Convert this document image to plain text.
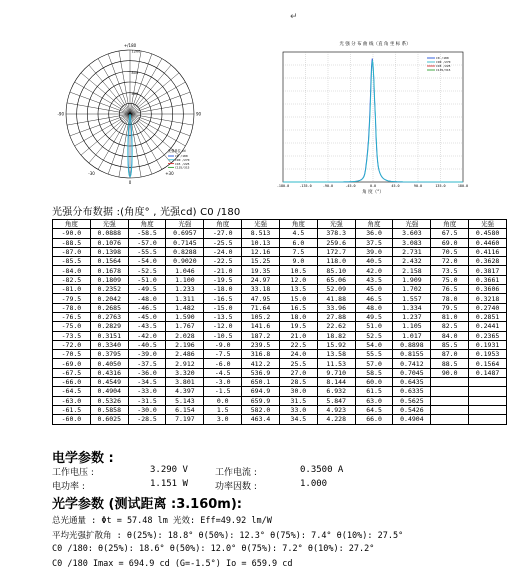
↵
400
800
1200
+/180
90
-90
0
+30
-30
光强单位 cd
C0 /180
C90 /270
C45 /225
C135/315
光 强 分 布 曲 线（直 角 坐 标 系）
-180.0	-135.0	-90.0	-45.0	0.0	45.0	90.0	135.0	180.0
C0 /180
C90 /270
C45 /225
C135/315
角 度（°）
光强分布数据 :(角度° , 光强cd) C0 /180
角度	光强	角度	光强	角度	光强	角度	光强	角度	光强	角度	光强
-90.0	0.0888	-58.5	0.6957	-27.0	8.513	4.5	378.3	36.0	3.603	67.5	0.4580
-88.5	0.1076	-57.0	0.7145	-25.5	10.13	6.0	259.6	37.5	3.083	69.0	0.4460
-87.0	0.1398	-55.5	0.8288	-24.0	12.16	7.5	172.7	39.0	2.731	70.5	0.4116
-85.5	0.1564	-54.0	0.9020	-22.5	15.25	9.0	118.0	40.5	2.432	72.0	0.3628
-84.0	0.1678	-52.5	1.046	-21.0	19.35	10.5	85.10	42.0	2.158	73.5	0.3817
-82.5	0.1809	-51.0	1.100	-19.5	24.97	12.0	65.06	43.5	1.909	75.0	0.3661
-81.0	0.2352	-49.5	1.233	-18.0	33.18	13.5	52.09	45.0	1.702	76.5	0.3606
-79.5	0.2042	-48.0	1.311	-16.5	47.95	15.0	41.88	46.5	1.557	78.0	0.3218
-78.0	0.2685	-46.5	1.482	-15.0	71.64	16.5	33.96	48.0	1.334	79.5	0.2740
-76.5	0.2763	-45.0	1.590	-13.5	105.2	18.0	27.88	49.5	1.237	81.0	0.2851
-75.0	0.2829	-43.5	1.767	-12.0	141.6	19.5	22.62	51.0	1.105	82.5	0.2441
-73.5	0.3151	-42.0	2.028	-10.5	187.2	21.0	18.82	52.5	1.017	84.0	0.2365
-72.0	0.3340	-40.5	2.196	-9.0	239.5	22.5	15.92	54.0	0.8898	85.5	0.1931
-70.5	0.3795	-39.0	2.486	-7.5	316.8	24.0	13.58	55.5	0.8155	87.0	0.1953
-69.0	0.4050	-37.5	2.912	-6.0	412.2	25.5	11.53	57.0	0.7412	88.5	0.1564
-67.5	0.4316	-36.0	3.320	-4.5	536.9	27.0	9.710	58.5	0.7045	90.0	0.1487
-66.0	0.4549	-34.5	3.801	-3.0	650.1	28.5	8.144	60.0	0.6435		
-64.5	0.4904	-33.0	4.397	-1.5	694.9	30.0	6.932	61.5	0.6335		
-63.0	0.5326	-31.5	5.143	0.0	659.9	31.5	5.847	63.0	0.5625		
-61.5	0.5858	-30.0	6.154	1.5	582.0	33.0	4.923	64.5	0.5426		
-60.0	0.6025	-28.5	7.197	3.0	463.4	34.5	4.228	66.0	0.4904		
电学参数 :
工作电压 :	3.290 V	工作电流 :	0.3500 A
电功率 :	1.151 W	功率因数 :	1.000
光学参数 (测试距离 :3.160m):
总光通量 : Φt = 57.48 lm 光效: Eff=49.92 lm/W
平均光强扩散角 : θ(25%): 18.8° θ(50%): 12.3° θ(75%): 7.4° θ(10%): 27.5°
C0 /180: θ(25%): 18.6° θ(50%): 12.0° θ(75%): 7.2° θ(10%): 27.2°
C0 /180 Imax = 694.9 cd (G=-1.5°) Io = 659.9 cd
